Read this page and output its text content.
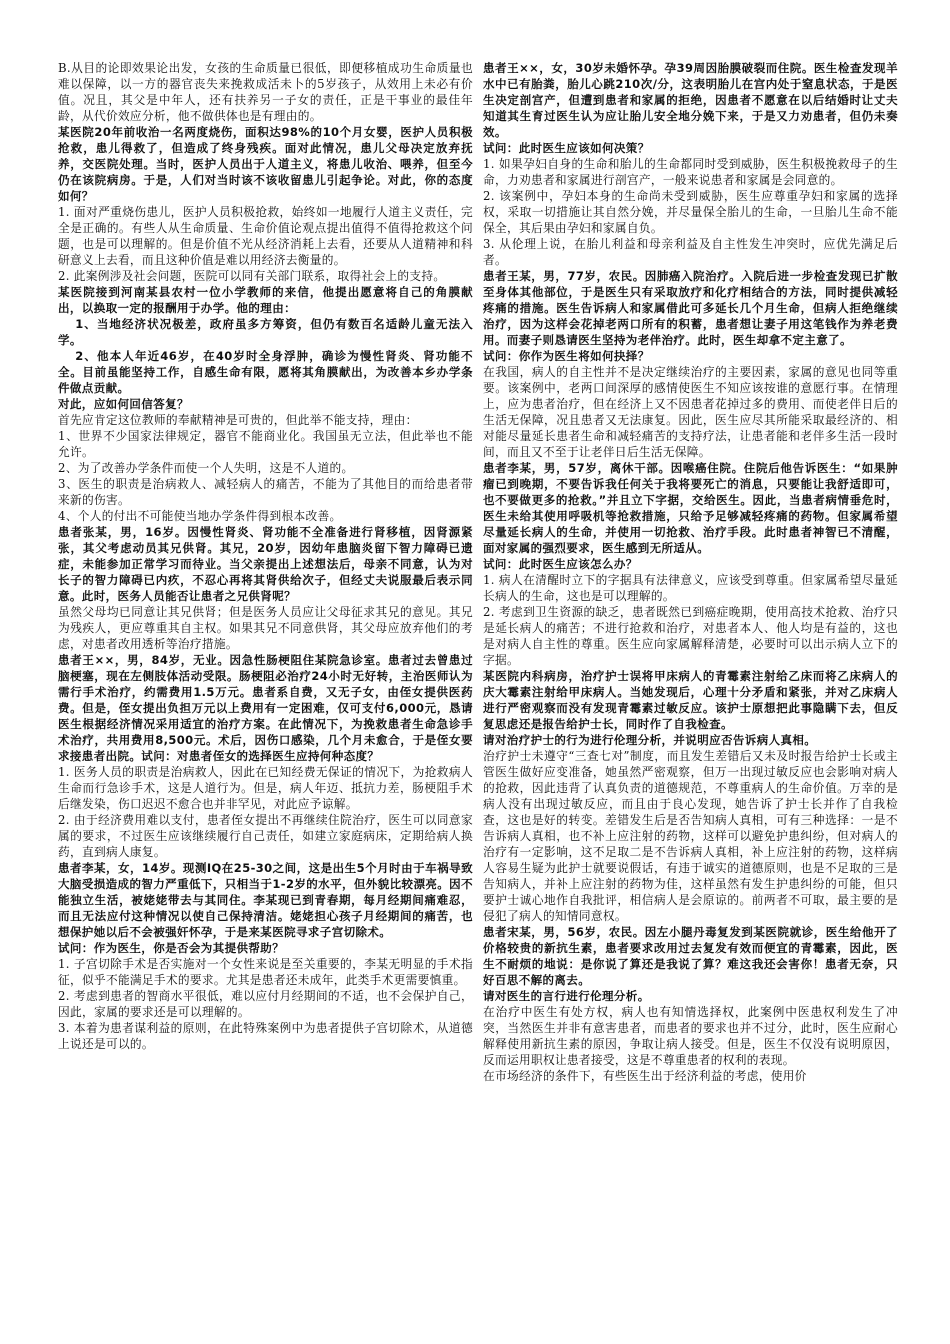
B.从目的论即效果论出发，女孩的生命质量已很低，即便移植成功生命质量也难以保障，以一方的器官丧失来挽救成活未卜的5岁孩子，从效用上未必有价值。况且，其父是中年人，还有扶养另一子女的责任，正是干事业的最佳年龄，从代价效应分析，他不做供体也是有理由的。

某医院20年前收治一名两度烧伤，面积达98%的10个月女婴，医护人员积极抢救，患儿得救了，但造成了终身残疾。面对此情况，患儿父母决定放弃抚养，交医院处理。当时，医护人员出于人道主义，将患儿收治、喂养，但至今仍在该院病房。于是，人们对当时该不该收留患儿引起争论。对此，你的态度如何？

1. 面对严重烧伤患儿，医护人员积极抢救，始终如一地履行人道主义责任，完全是正确的。有些人从生命质量、生命价值论观点提出值得不值得抢救这个问题，也是可以理解的。但是价值不光从经济消耗上去看，还要从人道精神和科研意义上去看，而且这种价值是难以用经济去衡量的。

2. 此案例涉及社会问题，医院可以同有关部门联系，取得社会上的支持。

某医院接到河南某县农村一位小学教师的来信，他提出愿意将自己的角膜献出，以换取一定的报酬用于办学。他的理由：

1、当地经济状况极差，政府虽多方筹资，但仍有数百名适龄儿童无法入学。

2、他本人年近46岁，在40岁时全身浮肿，确诊为慢性肾炎、肾功能不全。目前虽能坚持工作，自感生命有限，愿将其角膜献出，为改善本乡办学条件做点贡献。

对此，应如何回信答复？

首先应肯定这位教师的奉献精神是可贵的，但此举不能支持，理由：

1、世界不少国家法律规定，器官不能商业化。我国虽无立法，但此举也不能允许。

2、为了改善办学条件而使一个人失明，这是不人道的。

3、医生的职责是治病救人、减轻病人的痛苦，不能为了其他目的而给患者带来新的伤害。

4、个人的付出不可能使当地办学条件得到根本改善。

患者张某，男，16岁。因慢性肾炎、肾功能不全准备进行肾移植，因肾源紧张，其父考虑动员其兄供肾。其兄，20岁，因幼年患脑炎留下智力障碍已遗症，未能参加正常学习而待业。当父亲提出上述想法后，母亲不同意，认为对长子的智力障碍已内疚，不忍心再将其肾供给次子，但经丈夫说服最后表示同意。此时，医务人员能否让患者之兄供肾呢？

虽然父母均已同意让其兄供肾；但是医务人员应让父母征求其兄的意见。其兄为残疾人，更应尊重其自主权。如果其兄不同意供肾，其父母应放弃他们的考虑，对患者改用透析等治疗措施。

患者王××，男，84岁，无业。因急性肠梗阻住某院急诊室。患者过去曾患过脑梗塞，现在左侧肢体活动受限。肠梗阻必治疗24小时无好转，主治医师认为需行手术治疗，约需费用1.5万元。患者系自费，又无子女，由侄女提供医药费。但是，侄女提出负担万元以上费用有一定困难，仅可支付6,000元，恳请医生根据经济情况采用适宜的治疗方案。在此情况下，为挽救患者生命急诊手术治疗，共用费用8,500元。术后，因伤口感染，几个月未愈合，于是侄女要求接患者出院。试问：对患者侄女的选择医生应持何种态度？

1. 医务人员的职责是治病救人，因此在已知经费无保证的情况下，为抢救病人生命而行急诊手术，这是人道行为。但是，病人年迈、抵抗力差，肠梗阻手术后继发染，伤口迟迟不愈合也并非罕见，对此应予谅解。

2. 由于经济费用难以支付，患者侄女提出不再继续住院治疗，医生可以同意家属的要求，不过医生应该继续履行自己责任，如建立家庭病床，定期给病人换药，直到病人康复。

患者李某，女，14岁。现测IQ在25-30之间，这是出生5个月时由于车祸导致大脑受损造成的智力严重低下，只相当于1-2岁的水平，但外貌比较漂亮。因不能独立生活，被姥姥带去与其同住。李某现已到青春期，每月经期间痛难忍，而且无法应付这种情况以使自己保持清洁。姥姥担心孩子月经期间的痛苦，也想保护她以后不会被强奸怀孕，于是来某医院寻求子宫切除术。

试问：作为医生，你是否会为其提供帮助？

1. 子宫切除手术是否实施对一个女性来说是至关重要的，李某无明显的手术指征，似乎不能满足手术的要求。尤其是患者还未成年，此类手术更需要慎重。

2. 考虑到患者的智商水平很低，难以应付月经期间的不适，也不会保护自己，因此，家属的要求还是可以理解的。

3. 本着为患者谋利益的原则，在此特殊案例中为患者提供子宫切除术，从道德上说还是可以的。

患者王××，女，30岁未婚怀孕。孕39周因胎膜破裂而住院。医生检查发现羊水中已有胎粪，胎儿心跳210次/分，这表明胎儿在宫内处于窒息状态，于是医生决定剖宫产，但遭到患者和家属的拒绝，因患者不愿意在以后结婚时让丈夫知道其生育过医生认为应让胎儿安全地分娩下来，于是又力劝患者，但仍未奏效。

试问：此时医生应该如何决策？

1. 如果孕妇自身的生命和胎儿的生命都同时受到威胁，医生积极挽救母子的生命，力劝患者和家属进行剖宫产，一般来说患者和家属是会同意的。

2. 该案例中，孕妇本身的生命尚未受到威胁，医生应尊重孕妇和家属的选择权，采取一切措施让其自然分娩，并尽量保全胎儿的生命，一旦胎儿生命不能保全，其后果由孕妇和家属自负。

3. 从伦理上说，在胎儿利益和母亲利益及自主性发生冲突时，应优先满足后者。

患者王某，男，77岁，农民。因肺癌入院治疗。入院后进一步检查发现已扩散至身体其他部位，于是医生只有采取放疗和化疗相结合的方法，同时提供减轻疼痛的措施。医生告诉病人和家属借此可多延长几个月生命，但病人拒绝继续治疗，因为这样会花掉老两口所有的积蓄，患者想让妻子用这笔钱作为养老费用。而妻子则恳请医生坚持为老伴治疗。此时，医生却拿不定主意了。

试问：你作为医生将如何抉择？

在我国，病人的自主性并不是决定继续治疗的主要因素，家属的意见也同等重要。该案例中，老两口间深厚的感情使医生不知应该按谁的意愿行事。在情理上，应为患者治疗，但在经济上又不因患者花掉过多的费用、而使老伴日后的生活无保障，况且患者又无法康复。因此，医生应尽其所能采取最经济的、相对能尽量延长患者生命和减轻痛苦的支持疗法，让患者能和老伴多生活一段时间，而且又不至于让老伴日后生活无保障。

患者李某，男，57岁，离休干部。因喉癌住院。住院后他告诉医生：“如果肿瘤已到晚期，不要告诉我任何关于我将要死亡的消息，只要能让我舒适即可，也不要做更多的抢救。”并且立下字据，交给医生。因此，当患者病情垂危时，医生未给其使用呼吸机等抢救措施，只给予足够减轻疼痛的药物。但家属希望尽量延长病人的生命，并使用一切抢救、治疗手段。此时患者神智已不清醒，面对家属的强烈要求，医生感到无所适从。

试问：此时医生应该怎么办？

1. 病人在清醒时立下的字据具有法律意义，应该受到尊重。但家属希望尽量延长病人的生命，这也是可以理解的。

2. 考虑到卫生资源的缺乏，患者既然已到癌症晚期，使用高技术抢救、治疗只是延长病人的痛苦；不进行抢救和治疗，对患者本人、他人均是有益的，这也是对病人自主性的尊重。医生应向家属解释清楚，必要时可以出示病人立下的字据。

某医院内科病房，治疗护士误将甲床病人的青霉素注射给乙床而将乙床病人的庆大霉素注射给甲床病人。当她发现后，心理十分矛盾和紧张，并对乙床病人进行严密观察而没有发现青霉素过敏反应。该护士原想把此事隐瞒下去，但反复思虑还是报告给护士长，同时作了自我检查。

请对治疗护士的行为进行伦理分析，并说明应否告诉病人真相。

治疗护士未遵守“三查七对”制度，而且发生差错后又未及时报告给护士长或主管医生做好应变准备，她虽然严密观察，但万一出现过敏反应也会影响对病人的抢救，因此违背了认真负责的道德规范，不尊重病人的生命价值。万幸的是病人没有出现过敏反应，而且由于良心发现，她告诉了护士长并作了自我检查，这也是好的转变。差错发生后是否告知病人真相，可有三种选择：一是不告诉病人真相，也不补上应注射的药物，这样可以避免护患纠纷，但对病人的治疗有一定影响，这不足取二是不告诉病人真相，补上应注射的药物，这样病人容易生疑为此护士就要说假话，有违于诚实的道德原则，也是不足取的三是告知病人，并补上应注射的药物为佳，这样虽然有发生护患纠纷的可能，但只要护士诚心地作自我批评，相信病人是会原谅的。前两者不可取，最主要的是侵犯了病人的知情同意权。

患者宋某，男，56岁，农民。因左小腿丹毒复发到某医院就诊，医生给他开了价格较贵的新抗生素，患者要求改用过去复发有效而便宜的青霉素，因此，医生不耐烦的地说：是你说了算还是我说了算？难这我还会害你！患者无奈，只好百思不解的离去。

请对医生的言行进行伦理分析。

在治疗中医生有处方权，病人也有知情选择权，此案例中医患权利发生了冲突，当然医生并非有意害患者，而患者的要求也并不过分，此时，医生应耐心解释使用新抗生素的原因，争取让病人接受。但是，医生不仅没有说明原因，反而运用职权让患者接受，这是不尊重患者的权利的表现。

在市场经济的条件下，有些医生出于经济利益的考虑，使用价
